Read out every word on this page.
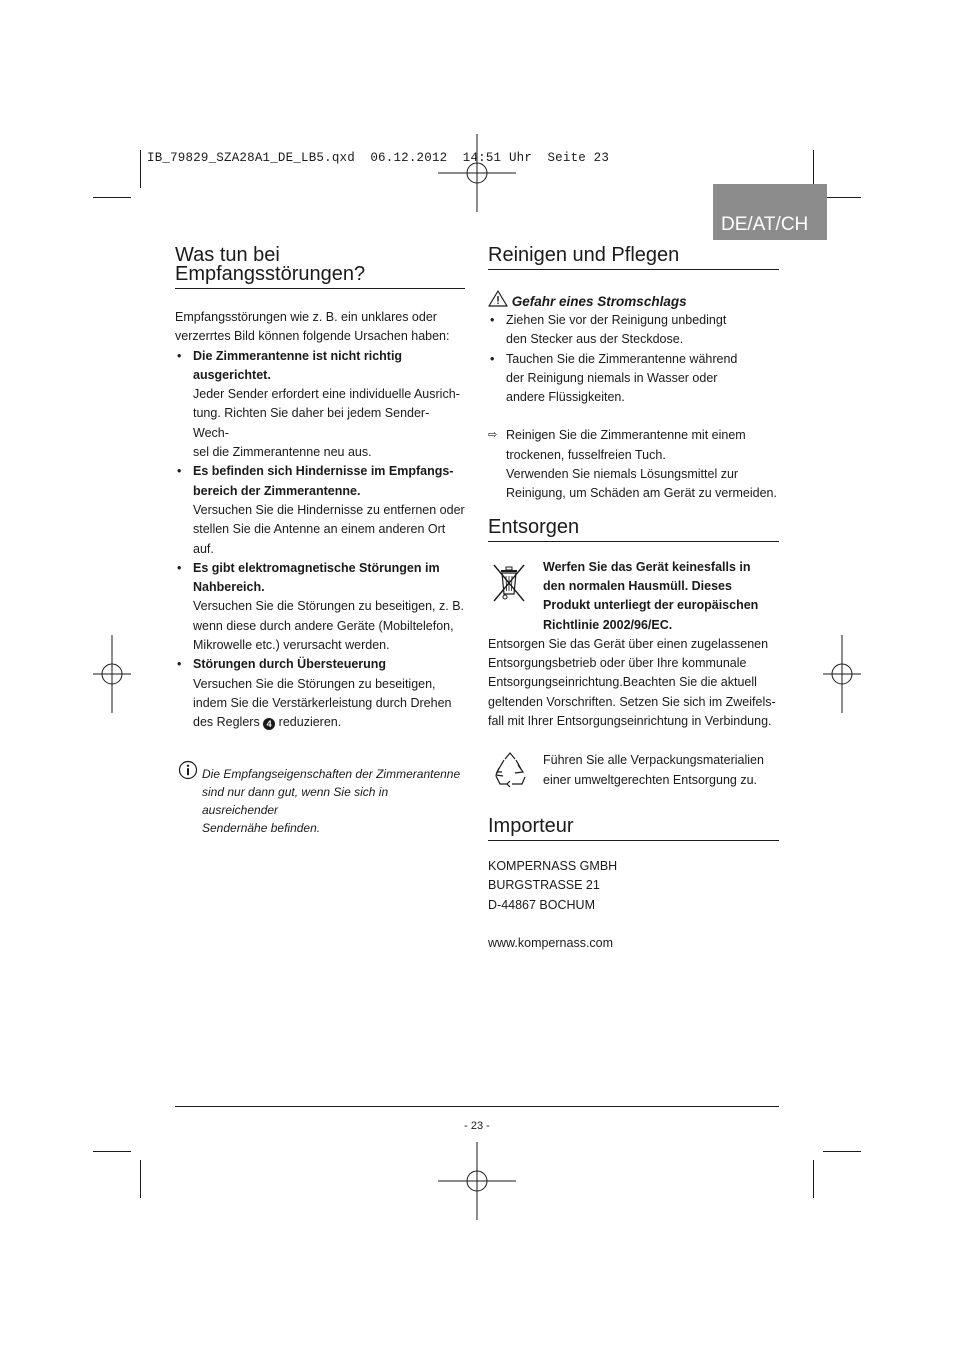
IB_79829_SZA28A1_DE_LB5.qxd  06.12.2012  14:51 Uhr  Seite 23
DE/AT/CH
Was tun bei
Empfangsstörungen?
Empfangsstörungen wie z. B. ein unklares oder
verzerrtes Bild können folgende Ursachen haben:
• Die Zimmerantenne ist nicht richtig
ausgerichtet.
Jeder Sender erfordert eine individuelle Ausrich-
tung. Richten Sie daher bei jedem Sender-Wech-
sel die Zimmerantenne neu aus.
• Es befinden sich Hindernisse im Empfangs-
bereich der Zimmerantenne.
Versuchen Sie die Hindernisse zu entfernen oder
stellen Sie die Antenne an einem anderen Ort
auf.
• Es gibt elektromagnetische Störungen im
Nahbereich.
Versuchen Sie die Störungen zu beseitigen, z. B.
wenn diese durch andere Geräte (Mobiltelefon,
Mikrowelle etc.) verursacht werden.
• Störungen durch Übersteuerung
Versuchen Sie die Störungen zu beseitigen,
indem Sie die Verstärkerleistung durch Drehen
des Reglers 4 reduzieren.
Die Empfangseigenschaften der Zimmerantenne
sind nur dann gut, wenn Sie sich in ausreichender
Sendernähe befinden.
Reinigen und Pflegen
Gefahr eines Stromschlags
• Ziehen Sie vor der Reinigung unbedingt
den Stecker aus der Steckdose.
• Tauchen Sie die Zimmerantenne während
der Reinigung niemals in Wasser oder
andere Flüssigkeiten.
⇨ Reinigen Sie die Zimmerantenne mit einem
trockenen, fusselfreien Tuch.
Verwenden Sie niemals Lösungsmittel zur
Reinigung, um Schäden am Gerät zu vermeiden.
Entsorgen
Werfen Sie das Gerät keinesfalls in
den normalen Hausmüll. Dieses
Produkt unterliegt der europäischen
Richtlinie 2002/96/EC.
Entsorgen Sie das Gerät über einen zugelassenen
Entsorgungsbetrieb oder über Ihre kommunale
Entsorgungseinrichtung.Beachten Sie die aktuell
geltenden Vorschriften. Setzen Sie sich im Zweifels-
fall mit Ihrer Entsorgungseinrichtung in Verbindung.
Führen Sie alle Verpackungsmaterialien
einer umweltgerechten Entsorgung zu.
Importeur
KOMPERNASS GMBH
BURGSTRASSE 21
D-44867 BOCHUM
www.kompernass.com
- 23 -
